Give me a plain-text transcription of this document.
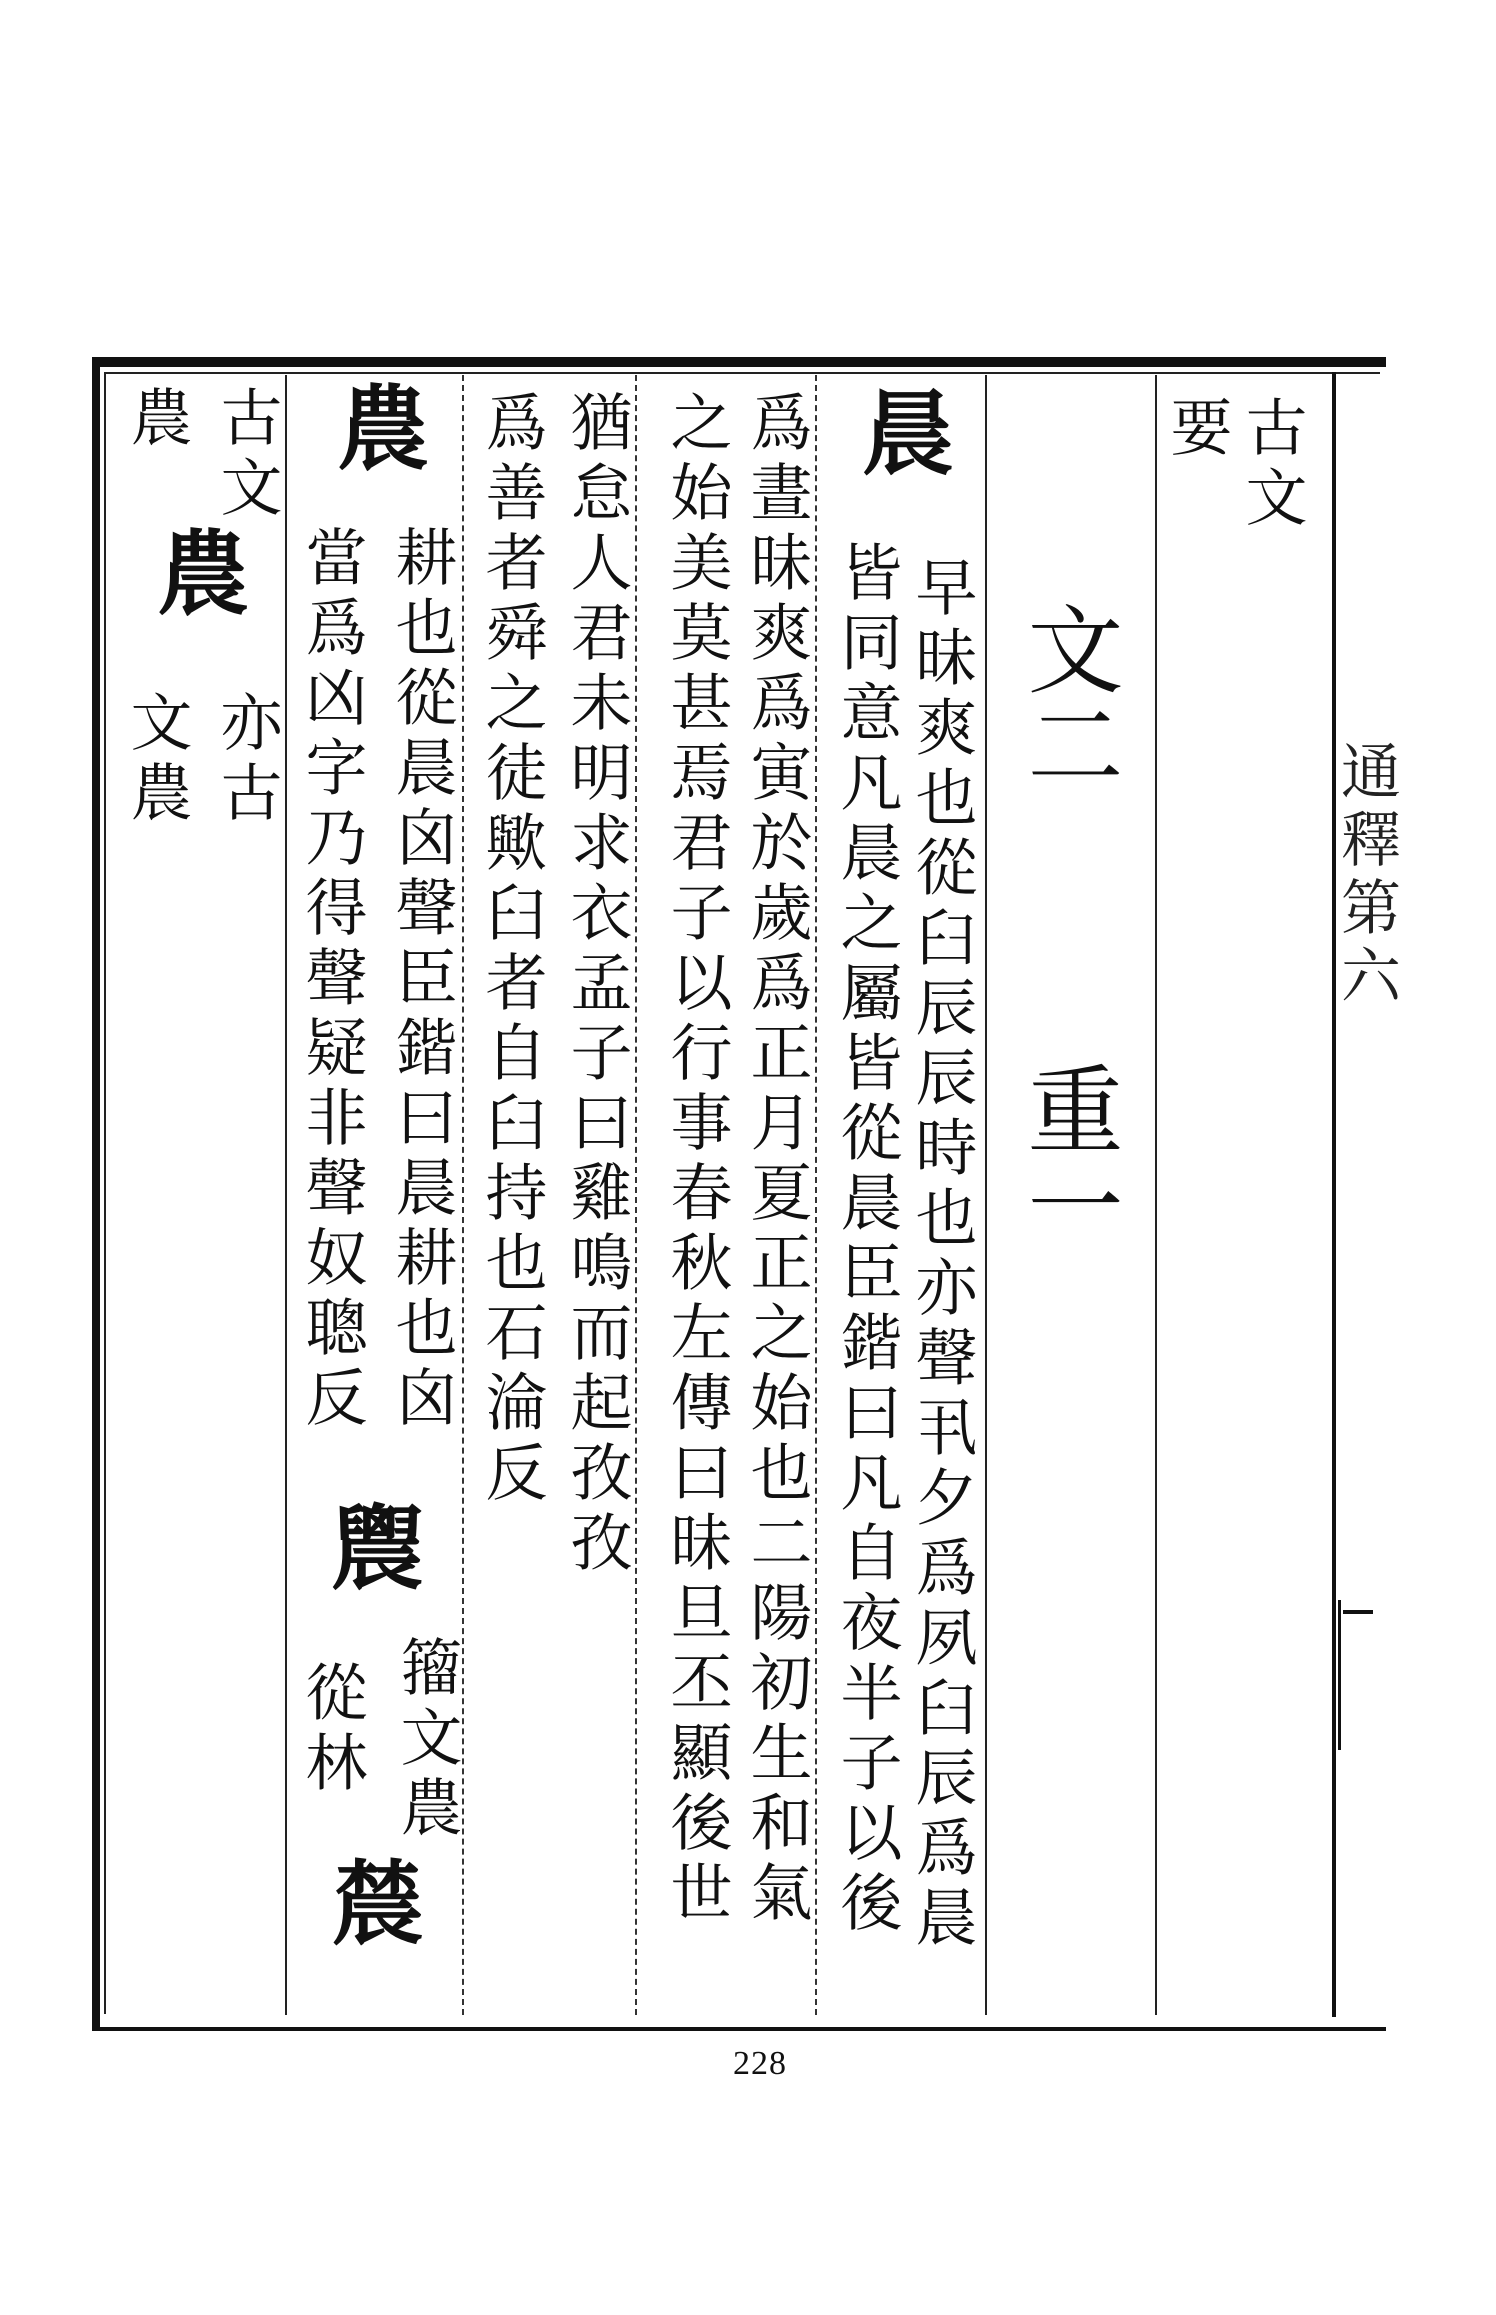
古文
要
文二
重一
晨
早昧爽也從臼辰辰時也亦聲丮夕爲夙臼辰爲晨
皆同意凡晨之屬皆從晨臣鍇曰凡自夜半子以後
爲晝昧爽爲寅於歲爲正月夏正之始也二陽初生和氣
之始美莫甚焉君子以行事春秋左傳曰昧旦丕顯後世
猶怠人君未明求衣孟子曰雞鳴而起孜孜
爲善者舜之徒歟臼者自臼持也石淪反
農
耕也從晨囟聲臣鍇曰晨耕也囟
䢉
籀文農
辳
當爲凶字乃得聲疑非聲奴聰反
從林
古文
農
亦古
農
文農	通釋第六
228
